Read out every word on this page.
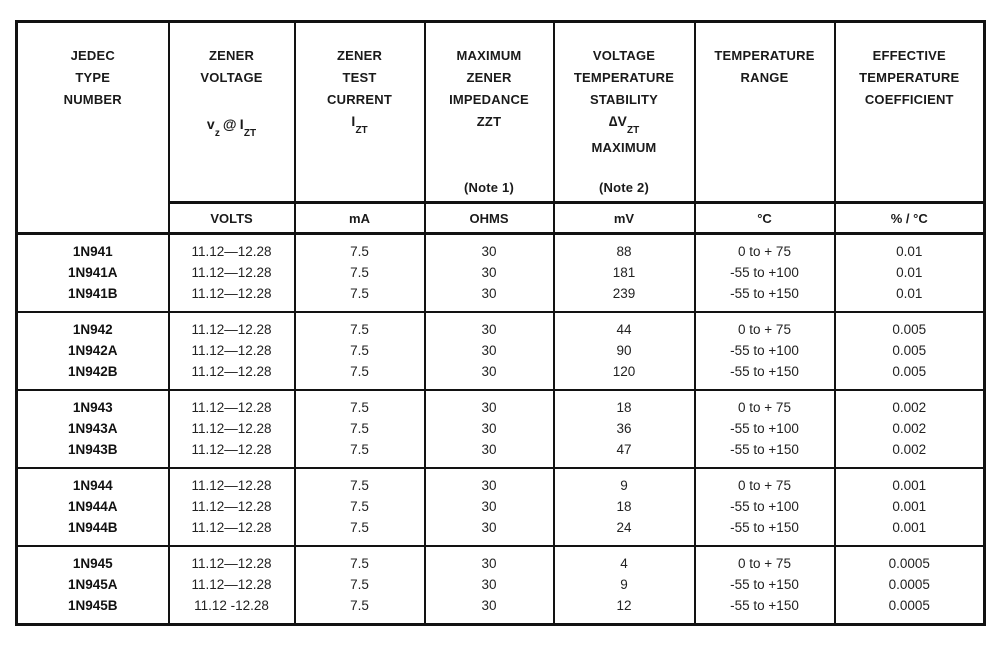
JEDEC
TYPE
NUMBER

ZENER
VOLTAGE
$v_z@$ $I_{ZT}$

ZENER
TEST
CURRENT
$I_{ZT}$

MAXIMUM
ZENER
IMPEDANCE
ZZT
(Note 1)

VOLTAGE
TEMPERATURE
STABILITY
$\Delta V_{ZT}$
MAXIMUM
(Note 2)

TEMPERATURE
RANGE

EFFECTIVE
TEMPERATURE
COEFFICIENT

	VOLTS	mA	OHMS	mV	°C	% / °C
1N941	11.12—12.28	7.5	30	88	0 to + 75	0.01
1N941A	11.12—12.28	7.5	30	181	-55 to +100	0.01
1N941B	11.12—12.28	7.5	30	239	-55 to +150	0.01
1N942	11.12—12.28	7.5	30	44	0 to + 75	0.005
1N942A	11.12—12.28	7.5	30	90	-55 to +100	0.005
1N942B	11.12—12.28	7.5	30	120	-55 to +150	0.005
1N943	11.12—12.28	7.5	30	18	0 to + 75	0.002
1N943A	11.12—12.28	7.5	30	36	-55 to +100	0.002
1N943B	11.12—12.28	7.5	30	47	-55 to +150	0.002
1N944	11.12—12.28	7.5	30	9	0 to + 75	0.001
1N944A	11.12—12.28	7.5	30	18	-55 to +100	0.001
1N944B	11.12—12.28	7.5	30	24	-55 to +150	0.001
1N945	11.12—12.28	7.5	30	4	0 to + 75	0.0005
1N945A	11.12—12.28	7.5	30	9	-55 to +150	0.0005
1N945B	11.12 -12.28	7.5	30	12	-55 to +150	0.0005
